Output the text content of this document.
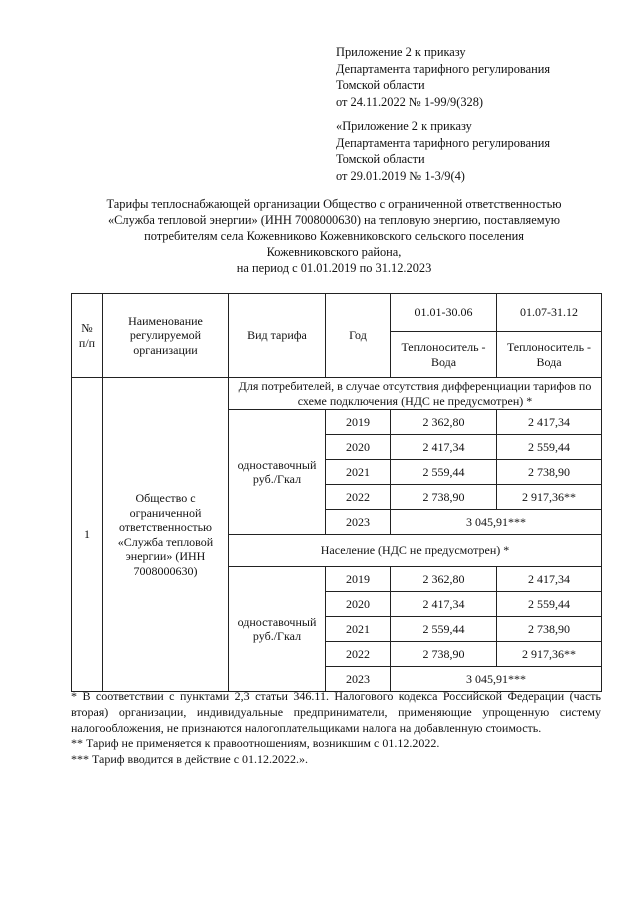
Приложение 2 к приказу
Департамента тарифного регулирования
Томской области
от 24.11.2022 № 1-99/9(328)
«Приложение 2 к приказу
Департамента тарифного регулирования
Томской области
от 29.01.2019 № 1-3/9(4)
Тарифы теплоснабжающей организации Общество с ограниченной ответственностью
«Служба тепловой энергии» (ИНН 7008000630) на тепловую энергию, поставляемую
потребителям села Кожевниково Кожевниковского сельского поселения
Кожевниковского района,
на период с 01.01.2019 по 31.12.2023
№ п/п	Наименование регулируемой организации	Вид тарифа	Год	01.01-30.06	01.07-31.12
				Теплоноситель - Вода	Теплоноситель - Вода
1	Общество с ограниченной ответственностью «Служба тепловой энергии» (ИНН 7008000630)	Для потребителей, в случае отсутствия дифференциации тарифов по схеме подключения (НДС не предусмотрен) *			
		одноставочный руб./Гкал	2019	2 362,80	2 417,34
			2020	2 417,34	2 559,44
			2021	2 559,44	2 738,90
			2022	2 738,90	2 917,36**
			2023	3 045,91***	
		Население (НДС не предусмотрен) *			
		одноставочный руб./Гкал	2019	2 362,80	2 417,34
			2020	2 417,34	2 559,44
			2021	2 559,44	2 738,90
			2022	2 738,90	2 917,36**
			2023	3 045,91***	

* В соответствии с пунктами 2,3 статьи 346.11. Налогового кодекса Российской Федерации (часть вторая) организации, индивидуальные предприниматели, применяющие упрощенную систему налогообложения, не признаются налогоплательщиками налога на добавленную стоимость.

** Тариф не применяется к правоотношениям, возникшим с 01.12.2022.

*** Тариф вводится в действие с 01.12.2022.».
